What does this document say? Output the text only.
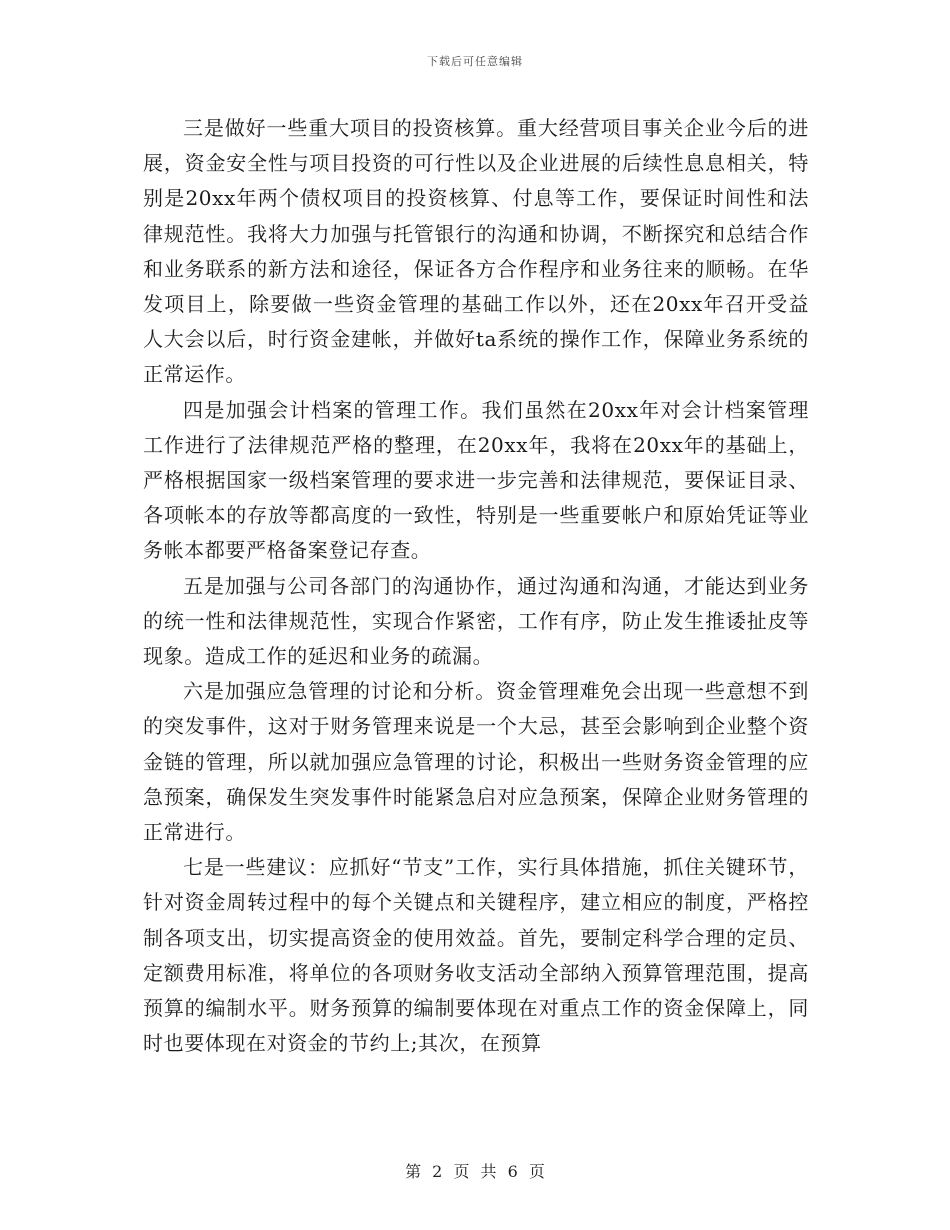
下载后可任意编辑

三是做好一些重大项目的投资核算。重大经营项目事关企业今后的进展，资金安全性与项目投资的可行性以及企业进展的后续性息息相关，特别是20xx年两个债权项目的投资核算、付息等工作，要保证时间性和法律规范性。我将大力加强与托管银行的沟通和协调，不断探究和总结合作和业务联系的新方法和途径，保证各方合作程序和业务往来的顺畅。在华发项目上，除要做一些资金管理的基础工作以外，还在20xx年召开受益人大会以后，时行资金建帐，并做好ta系统的操作工作，保障业务系统的正常运作。

四是加强会计档案的管理工作。我们虽然在20xx年对会计档案管理工作进行了法律规范严格的整理，在20xx年，我将在20xx年的基础上，严格根据国家一级档案管理的要求进一步完善和法律规范，要保证目录、各项帐本的存放等都高度的一致性，特别是一些重要帐户和原始凭证等业务帐本都要严格备案登记存查。

五是加强与公司各部门的沟通协作，通过沟通和沟通，才能达到业务的统一性和法律规范性，实现合作紧密，工作有序，防止发生推诿扯皮等现象。造成工作的延迟和业务的疏漏。

六是加强应急管理的讨论和分析。资金管理难免会出现一些意想不到的突发事件，这对于财务管理来说是一个大忌，甚至会影响到企业整个资金链的管理，所以就加强应急管理的讨论，积极出一些财务资金管理的应急预案，确保发生突发事件时能紧急启对应急预案，保障企业财务管理的正常进行。

七是一些建议：应抓好“节支”工作，实行具体措施，抓住关键环节，针对资金周转过程中的每个关键点和关键程序，建立相应的制度，严格控制各项支出，切实提高资金的使用效益。首先，要制定科学合理的定员、定额费用标准，将单位的各项财务收支活动全部纳入预算管理范围，提高预算的编制水平。财务预算的编制要体现在对重点工作的资金保障上，同时也要体现在对资金的节约上;其次，在预算

第 2 页 共 6 页
